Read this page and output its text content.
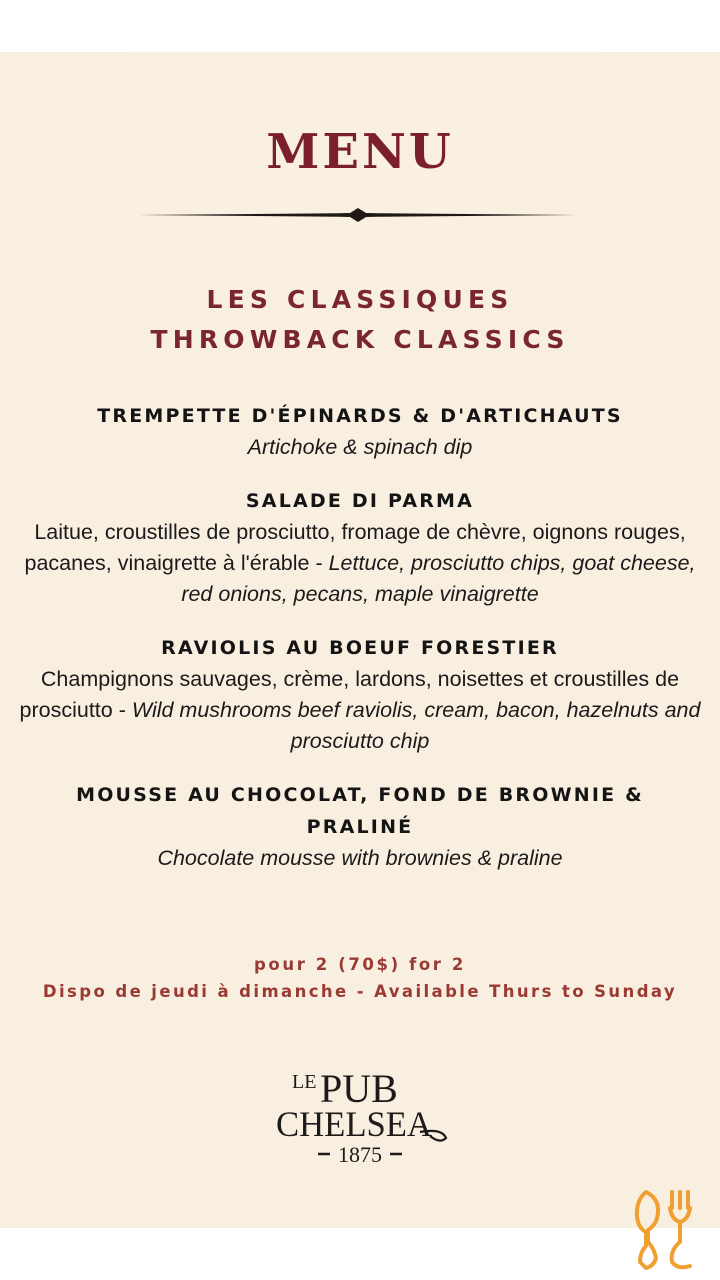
MENU
LES CLASSIQUES
THROWBACK CLASSICS
TREMPETTE D'ÉPINARDS & D'ARTICHAUTS
Artichoke & spinach dip
SALADE DI PARMA
Laitue, croustilles de prosciutto, fromage de chèvre, oignons rouges, pacanes, vinaigrette à l'érable - Lettuce, prosciutto chips, goat cheese, red onions, pecans, maple vinaigrette
RAVIOLIS AU BOEUF FORESTIER
Champignons sauvages, crème, lardons, noisettes et croustilles de prosciutto - Wild mushrooms beef raviolis, cream, bacon, hazelnuts and prosciutto chip
MOUSSE AU CHOCOLAT, FOND DE BROWNIE & PRALINÉ
Chocolate mousse with brownies & praline
pour 2 (70$) for 2
Dispo de jeudi à dimanche - Available Thurs to Sunday
LE PUB
CHELSEA
1875
